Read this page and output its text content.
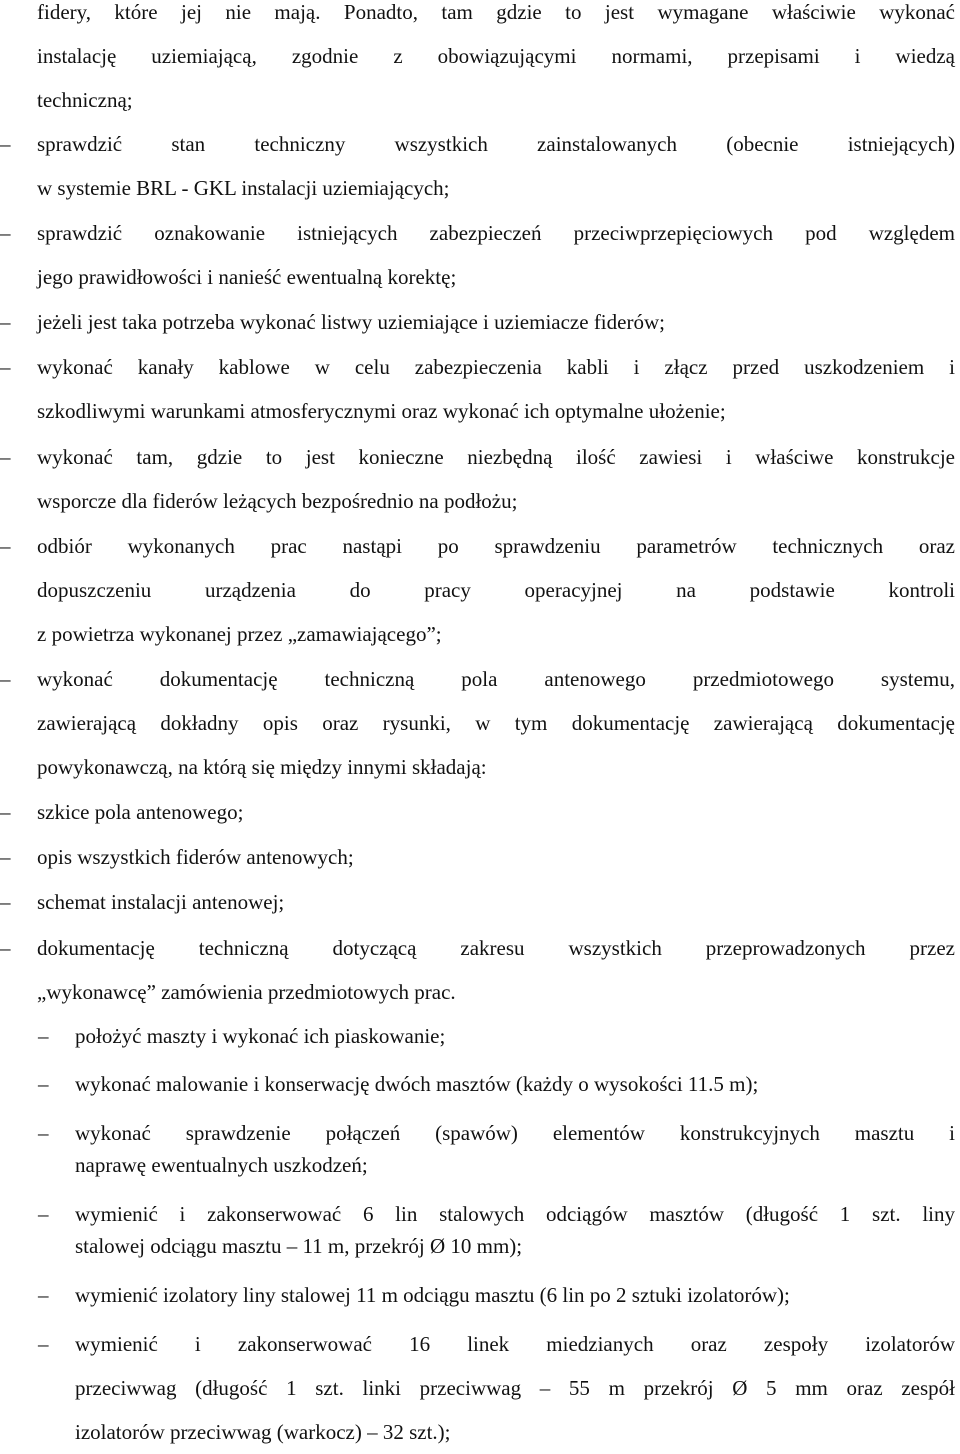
fidery, które jej nie mają. Ponadto, tam gdzie to jest wymagane właściwie wykonać
instalację uziemiającą, zgodnie z obowiązującymi normami, przepisami i wiedzą
techniczną;
–	sprawdzić stan techniczny wszystkich zainstalowanych (obecnie istniejących)
w systemie BRL - GKL instalacji uziemiających;
–	sprawdzić oznakowanie istniejących zabezpieczeń przeciwprzepięciowych pod względem
jego prawidłowości i nanieść ewentualną korektę;
–	jeżeli jest taka potrzeba wykonać listwy uziemiające i uziemiacze fiderów;
–	wykonać kanały kablowe w celu zabezpieczenia kabli i złącz przed uszkodzeniem i
szkodliwymi warunkami atmosferycznymi oraz wykonać ich optymalne ułożenie;
–	wykonać tam, gdzie to jest konieczne niezbędną ilość zawiesi i właściwe konstrukcje
wsporcze dla fiderów leżących bezpośrednio na podłożu;
–	odbiór wykonanych prac nastąpi po sprawdzeniu parametrów technicznych oraz
dopuszczeniu urządzenia do pracy operacyjnej na podstawie kontroli
z powietrza wykonanej przez „zamawiającego”;
–	wykonać dokumentację techniczną pola antenowego przedmiotowego systemu,
zawierającą dokładny opis oraz rysunki, w tym dokumentację zawierającą dokumentację
powykonawczą, na którą się między innymi składają:
–	szkice pola antenowego;
–	opis wszystkich fiderów antenowych;
–	schemat instalacji antenowej;
–	dokumentację techniczną dotyczącą zakresu wszystkich przeprowadzonych przez
„wykonawcę” zamówienia przedmiotowych prac.
–	położyć maszty i wykonać ich piaskowanie;
–	wykonać malowanie i konserwację dwóch masztów (każdy o wysokości 11.5 m);
– wykonać sprawdzenie połączeń (spawów) elementów konstrukcyjnych masztu i
naprawę ewentualnych uszkodzeń;
– wymienić i zakonserwować 6 lin stalowych odciągów masztów (długość 1 szt. liny
stalowej odciągu masztu – 11 m, przekrój Ø 10 mm);
–	wymienić izolatory liny stalowej 11 m odciągu masztu (6 lin po 2 sztuki izolatorów);
–	wymienić i zakonserwować 16 linek miedzianych oraz zespoły izolatorów
przeciwwag (długość 1 szt. linki przeciwwag – 55 m przekrój Ø 5 mm oraz zespół
izolatorów przeciwwag (warkocz) – 32 szt.);
